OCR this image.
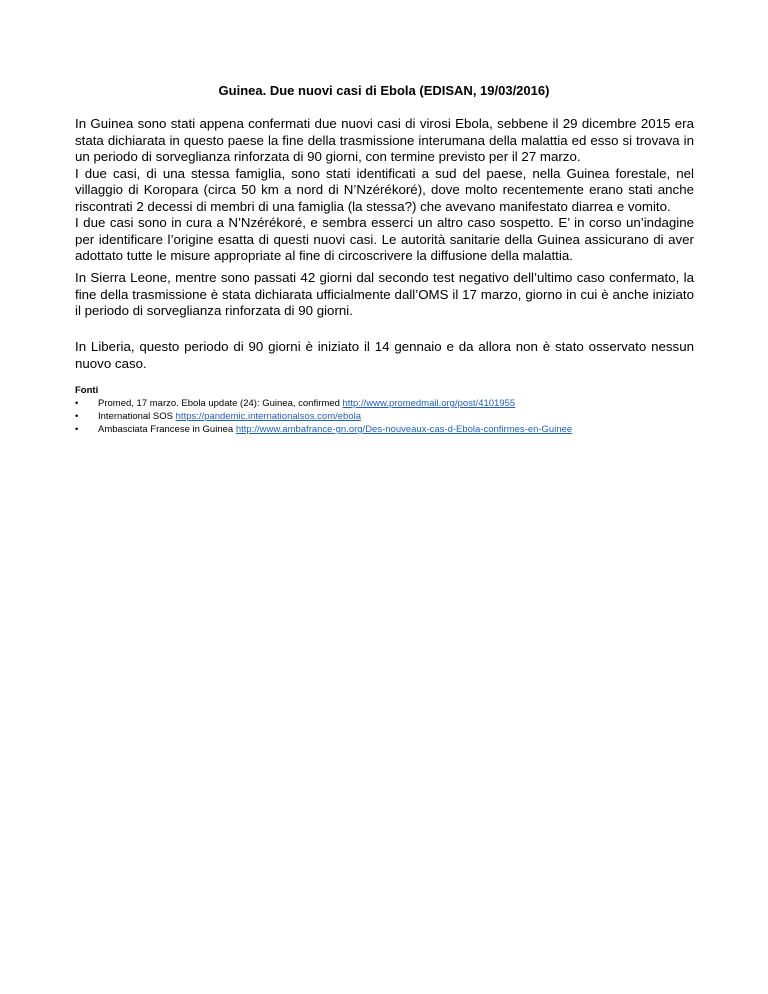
Guinea. Due nuovi casi di Ebola (EDISAN, 19/03/2016)

In Guinea sono stati appena confermati due nuovi casi di virosi Ebola, sebbene il 29 dicembre 2015 era stata dichiarata in questo paese la fine della trasmissione interumana della malattia ed esso si trovava in un periodo di sorveglianza rinforzata di 90 giorni, con termine previsto per il 27 marzo.

I due casi, di una stessa famiglia, sono stati identificati a sud del paese, nella Guinea forestale, nel villaggio di Koropara (circa 50 km a nord di N’Nzérékoré), dove molto recentemente erano stati anche riscontrati 2 decessi di membri di una famiglia (la stessa?) che avevano manifestato diarrea e vomito.

I due casi sono in cura a N’Nzérékoré, e sembra esserci un altro caso sospetto. E’ in corso un’indagine per identificare l’origine esatta di questi nuovi casi. Le autorità sanitarie della Guinea assicurano di aver adottato tutte le misure appropriate al fine di circoscrivere la diffusione della malattia.

In Sierra Leone, mentre sono passati 42 giorni dal secondo test negativo dell’ultimo caso confermato, la fine della trasmissione è stata dichiarata ufficialmente dall’OMS il 17 marzo, giorno in cui è anche iniziato il periodo di sorveglianza rinforzata di 90 giorni.

In Liberia, questo periodo di 90 giorni è iniziato il 14 gennaio e da allora non è stato osservato nessun nuovo caso.

Fonti
• Promed, 17 marzo. Ebola update (24): Guinea, confirmed http://www.promedmail.org/post/4101955
• International SOS https://pandemic.internationalsos.com/ebola
• Ambasciata Francese in Guinea http://www.ambafrance-gn.org/Des-nouveaux-cas-d-Ebola-confirmes-en-Guinee
